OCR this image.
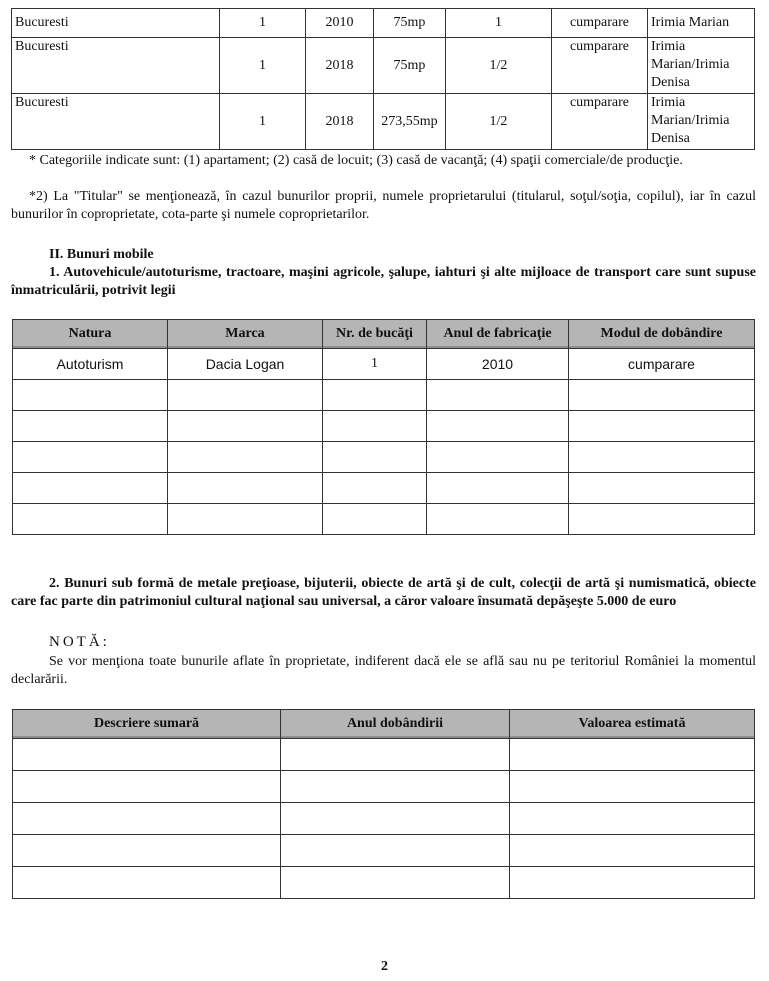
Bucuresti	1	2010	75mp	1	cumparare	Irimia Marian
Bucuresti	1	2018	75mp	1/2	cumparare	Irimia Marian/Irimia Denisa
Bucuresti	1	2018	273,55mp	1/2	cumparare	Irimia Marian/Irimia Denisa
* Categoriile indicate sunt: (1) apartament; (2) casă de locuit; (3) casă de vacanţă; (4) spaţii comerciale/de producţie.
*2) La "Titular" se menţionează, în cazul bunurilor proprii, numele proprietarului (titularul, soţul/soţia, copilul), iar în cazul bunurilor în coproprietate, cota-parte şi numele coproprietarilor.
II. Bunuri mobile
1. Autovehicule/autoturisme, tractoare, maşini agricole, şalupe, iahturi şi alte mijloace de transport care sunt supuse înmatriculării, potrivit legii
Natura	Marca	Nr. de bucăţi	Anul de fabricaţie	Modul de dobândire
Autoturism	Dacia Logan	1	2010	cumparare

2. Bunuri sub formă de metale preţioase, bijuterii, obiecte de artă şi de cult, colecţii de artă şi numismatică, obiecte care fac parte din patrimoniul cultural naţional sau universal, a căror valoare însumată depăşeşte 5.000 de euro
NOTĂ:
Se vor menţiona toate bunurile aflate în proprietate, indiferent dacă ele se află sau nu pe teritoriul României la momentul declarării.
Descriere sumară	Anul dobândirii	Valoarea estimată

2
